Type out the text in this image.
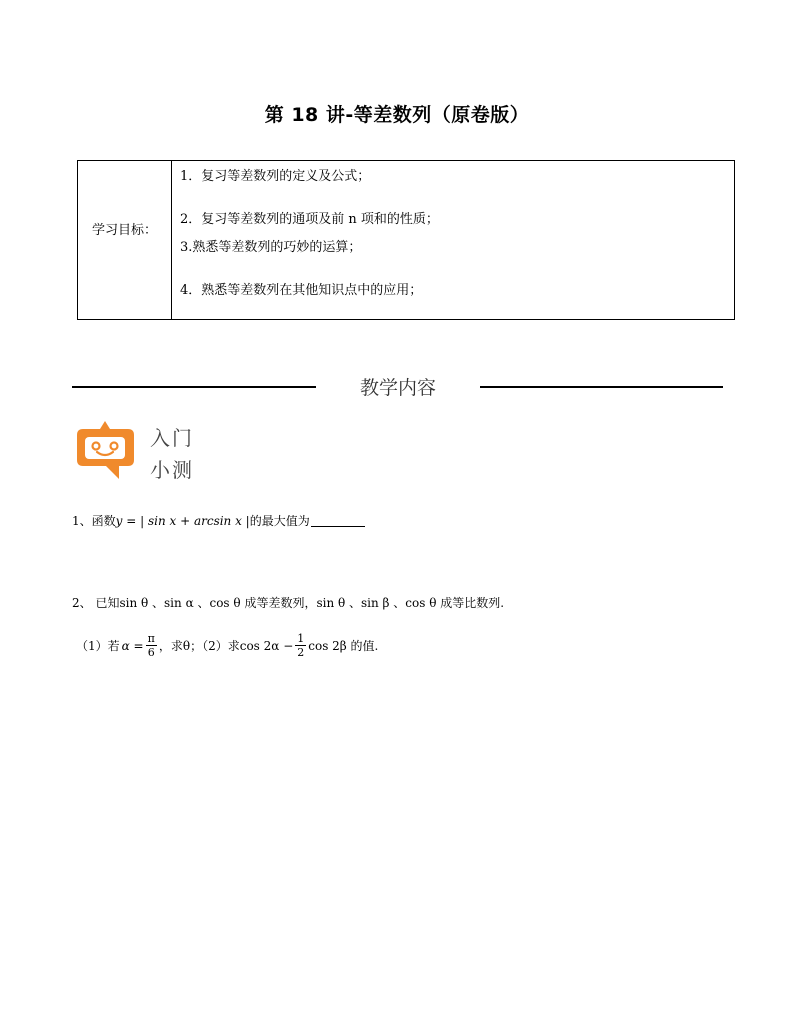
第 18 讲-等差数列（原卷版）
学习目标：
1．复习等差数列的定义及公式；
2．复习等差数列的通项及前 n 项和的性质；
3.熟悉等差数列的巧妙的运算；
4．熟悉等差数列在其他知识点中的应用；
教学内容
入门
小测
1、函数 y = | sin x + arcsin x | 的最大值为
2、 已知sin θ 、sin α 、cos θ 成等差数列，sin θ 、sin β 、cos θ 成等比数列.
（1）若 $\alpha = \frac{\pi}{6}$ ，求θ；（2）求$\cos 2\alpha - \frac{1}{2}$ cos 2β 的值.
